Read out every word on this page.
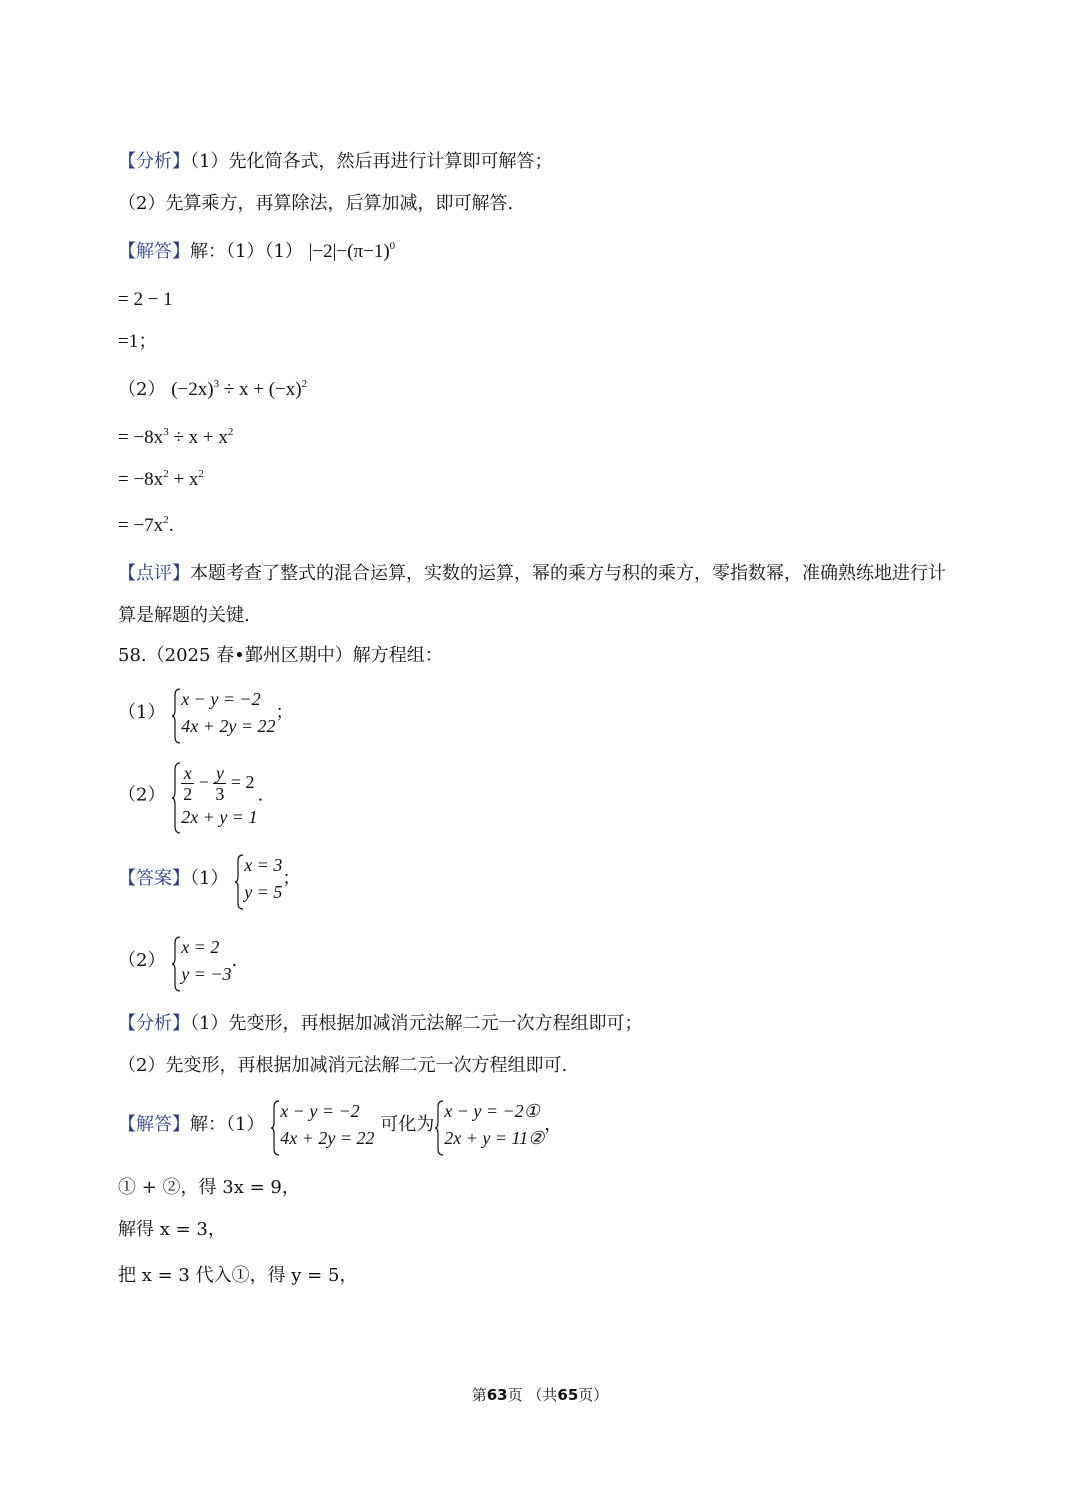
【分析】（1）先化简各式，然后再进行计算即可解答；
（2）先算乘方，再算除法，后算加减，即可解答.
【解答】解：（1）（1） $|-2|-(\pi-1)^0$
= 2 − 1
=1；
（2） $(-2x)^3 \div x + (-x)^2$
= $-8x^3 \div x + x^2$
= $-8x^2 + x^2$
= $-7x^2$.
【点评】本题考查了整式的混合运算，实数的运算，幂的乘方与积的乘方，零指数幂，准确熟练地进行计
算是解题的关键.
58.（2025 春•鄞州区期中）解方程组：
（1）
x − y = −2
4x + 2y = 22
；
$(2) \frac{x}{2} - \frac{y}{3} = 2$
2x + y = 1
.
【答案】（1）
x = 3
y = 5
；
（2）
x = 2
y = −3
.
【分析】（1）先变形，再根据加减消元法解二元一次方程组即可；
（2）先变形，再根据加减消元法解二元一次方程组即可.
【解答】解：（1）
x − y = −2
4x + 2y = 22
可化为
x − y = −2①
2x + y = 11②
，
① + ②，得 3x = 9，
解得 x = 3，
把 x = 3 代入①，得 y = 5，
第63页 （共65页）
